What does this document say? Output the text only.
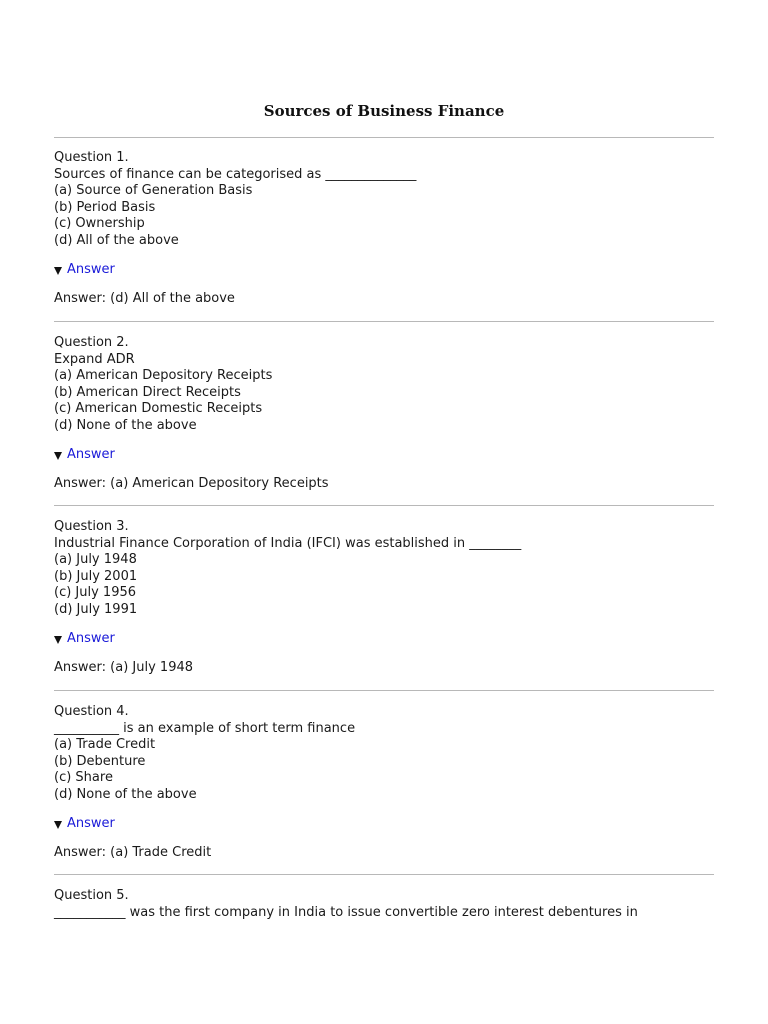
Sources of Business Finance
Question 1.
Sources of finance can be categorised as ______________
(a) Source of Generation Basis
(b) Period Basis
(c) Ownership
(d) All of the above
Answer
Answer: (d) All of the above
Question 2.
Expand ADR
(a) American Depository Receipts
(b) American Direct Receipts
(c) American Domestic Receipts
(d) None of the above
Answer
Answer: (a) American Depository Receipts
Question 3.
Industrial Finance Corporation of India (IFCI) was established in ________
(a) July 1948
(b) July 2001
(c) July 1956
(d) July 1991
Answer
Answer: (a) July 1948
Question 4.
__________ is an example of short term finance
(a) Trade Credit
(b) Debenture
(c) Share
(d) None of the above
Answer
Answer: (a) Trade Credit
Question 5.
___________ was the first company in India to issue convertible zero interest debentures in
